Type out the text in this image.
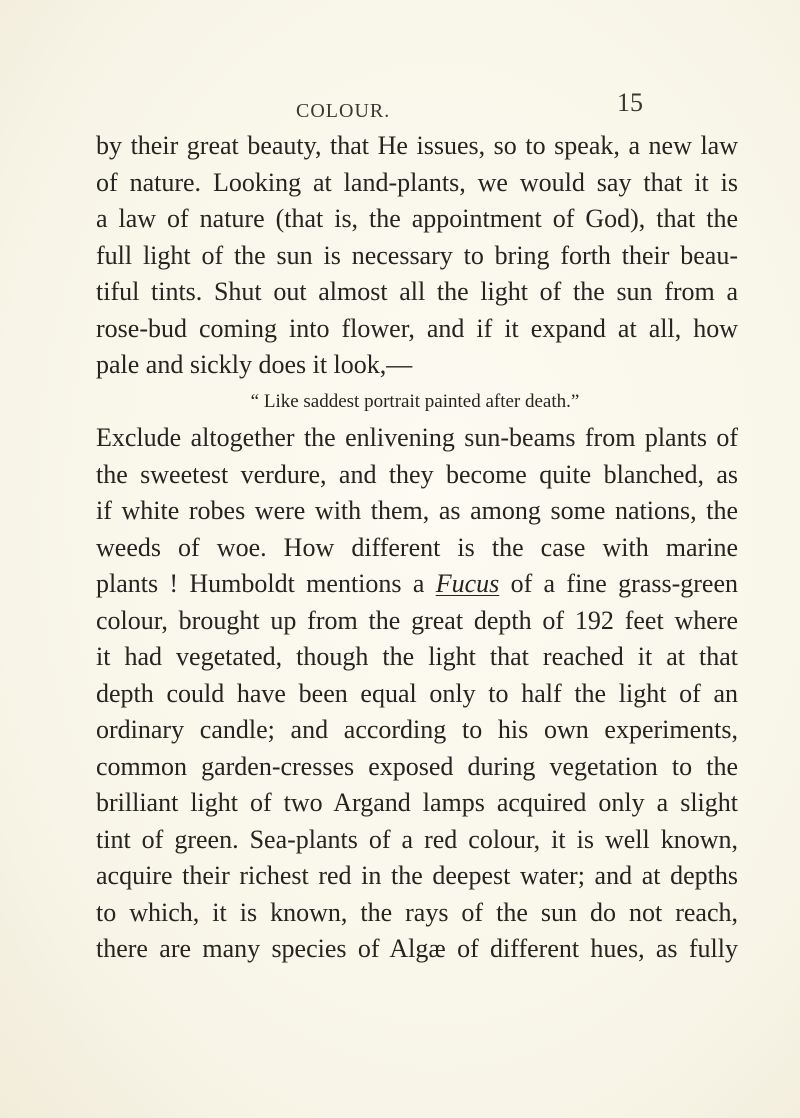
COLOUR.	15
by their great beauty, that He issues, so to speak, a new law
of nature. Looking at land-plants, we would say that it is
a law of nature (that is, the appointment of God), that the
full light of the sun is necessary to bring forth their beau-
tiful tints. Shut out almost all the light of the sun from a
rose-bud coming into flower, and if it expand at all, how
pale and sickly does it look,—
“ Like saddest portrait painted after death.”
Exclude altogether the enlivening sun-beams from plants of
the sweetest verdure, and they become quite blanched, as
if white robes were with them, as among some nations, the
weeds of woe. How different is the case with marine
plants ! Humboldt mentions a Fucus of a fine grass-green
colour, brought up from the great depth of 192 feet where
it had vegetated, though the light that reached it at that
depth could have been equal only to half the light of an
ordinary candle; and according to his own experiments,
common garden-cresses exposed during vegetation to the
brilliant light of two Argand lamps acquired only a slight
tint of green. Sea-plants of a red colour, it is well known,
acquire their richest red in the deepest water; and at depths
to which, it is known, the rays of the sun do not reach,
there are many species of Algæ of different hues, as fully
